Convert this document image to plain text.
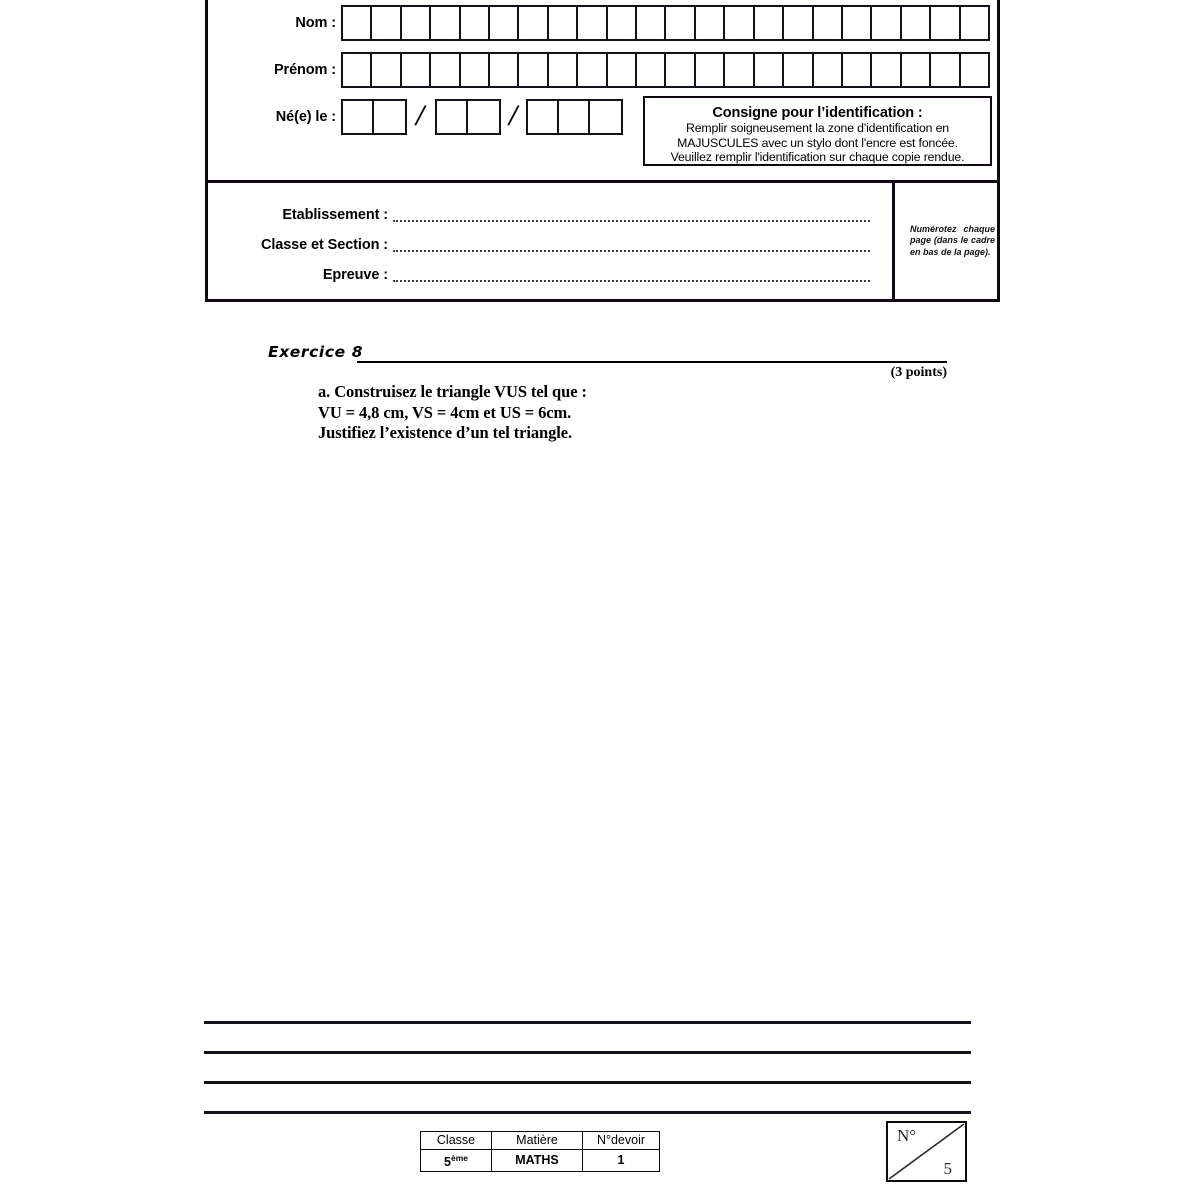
Nom :
Prénom :
Né(e) le :	/	/	Consigne pour l’identification :
Remplir soigneusement la zone d'identification en
MAJUSCULES avec un stylo dont l'encre est foncée.
Veuillez remplir l'identification sur chaque copie rendue.
Etablissement :
Classe et Section :
Epreuve :
Numérotez chaque page (dans le cadre en bas de la page).
Exercice 8
(3 points)
a. Construisez le triangle VUS tel que :
VU = 4,8 cm, VS = 4cm et US = 6cm.
Justifiez l’existence d’un tel triangle.
Classe	Matière	N°devoir
5ème	MATHS	1
N°
5
